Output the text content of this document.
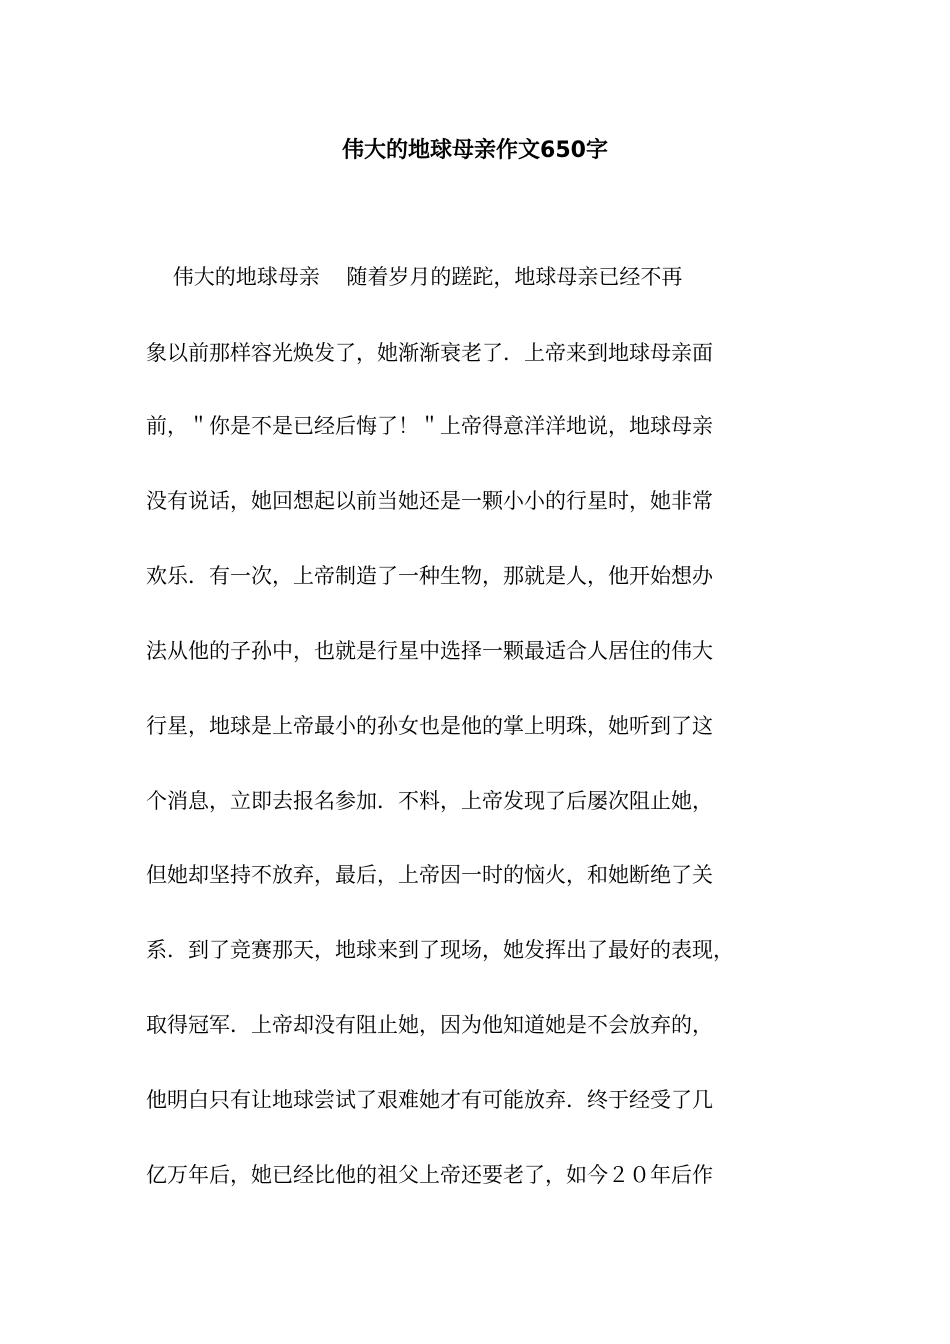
伟大的地球母亲作文650字

伟大的地球母亲    随着岁月的蹉跎，地球母亲已经不再

象以前那样容光焕发了，她渐渐衰老了．上帝来到地球母亲面

前，＂你是不是已经后悔了！＂上帝得意洋洋地说，地球母亲

没有说话，她回想起以前当她还是一颗小小的行星时，她非常

欢乐．有一次，上帝制造了一种生物，那就是人，他开始想办

法从他的子孙中，也就是行星中选择一颗最适合人居住的伟大

行星，地球是上帝最小的孙女也是他的掌上明珠，她听到了这

个消息，立即去报名参加．不料，上帝发现了后屡次阻止她，

但她却坚持不放弃，最后，上帝因一时的恼火，和她断绝了关

系．到了竞赛那天，地球来到了现场，她发挥出了最好的表现，

取得冠军．上帝却没有阻止她，因为他知道她是不会放弃的，

他明白只有让地球尝试了艰难她才有可能放弃．终于经受了几

亿万年后，她已经比他的祖父上帝还要老了，如今２０年后作
